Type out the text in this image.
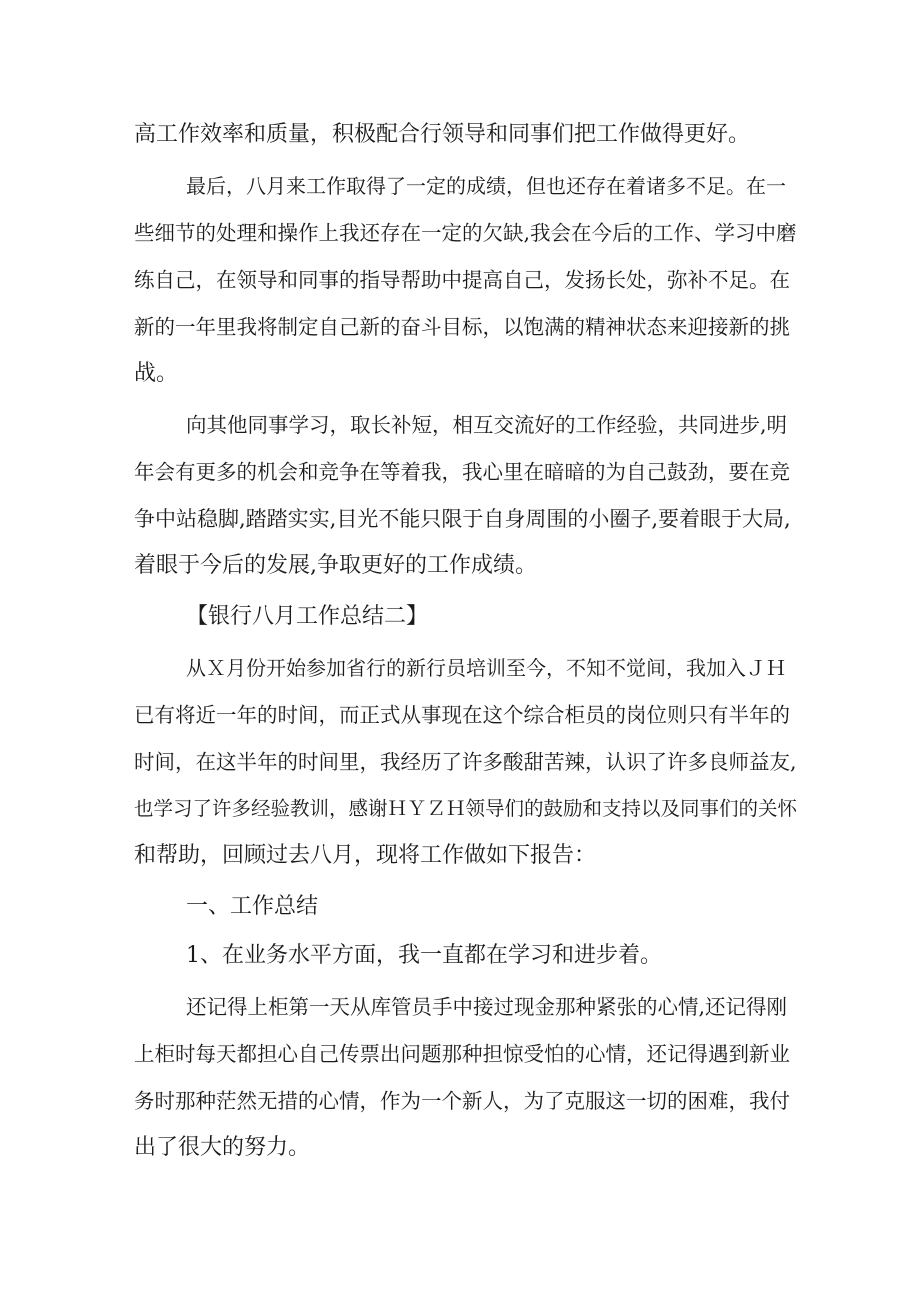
高工作效率和质量，积极配合行领导和同事们把工作做得更好。
最后，八月来工作取得了一定的成绩，但也还存在着诸多不足。在一
些细节的处理和操作上我还存在一定的欠缺,我会在今后的工作、学习中磨
练自己，在领导和同事的指导帮助中提高自己，发扬长处，弥补不足。在
新的一年里我将制定自己新的奋斗目标，以饱满的精神状态来迎接新的挑
战。
向其他同事学习，取长补短，相互交流好的工作经验，共同进步,明
年会有更多的机会和竞争在等着我，我心里在暗暗的为自己鼓劲，要在竞
争中站稳脚,踏踏实实,目光不能只限于自身周围的小圈子,要着眼于大局,
着眼于今后的发展,争取更好的工作成绩。
【银行八月工作总结二】
从Ｘ月份开始参加省行的新行员培训至今，不知不觉间，我加入ＪＨ
已有将近一年的时间，而正式从事现在这个综合柜员的岗位则只有半年的
时间，在这半年的时间里，我经历了许多酸甜苦辣，认识了许多良师益友,
也学习了许多经验教训，感谢ＨＹＺＨ领导们的鼓励和支持以及同事们的关怀
和帮助，回顾过去八月，现将工作做如下报告：
一、工作总结
1、在业务水平方面，我一直都在学习和进步着。
还记得上柜第一天从库管员手中接过现金那种紧张的心情,还记得刚
上柜时每天都担心自己传票出问题那种担惊受怕的心情，还记得遇到新业
务时那种茫然无措的心情，作为一个新人，为了克服这一切的困难，我付
出了很大的努力。
